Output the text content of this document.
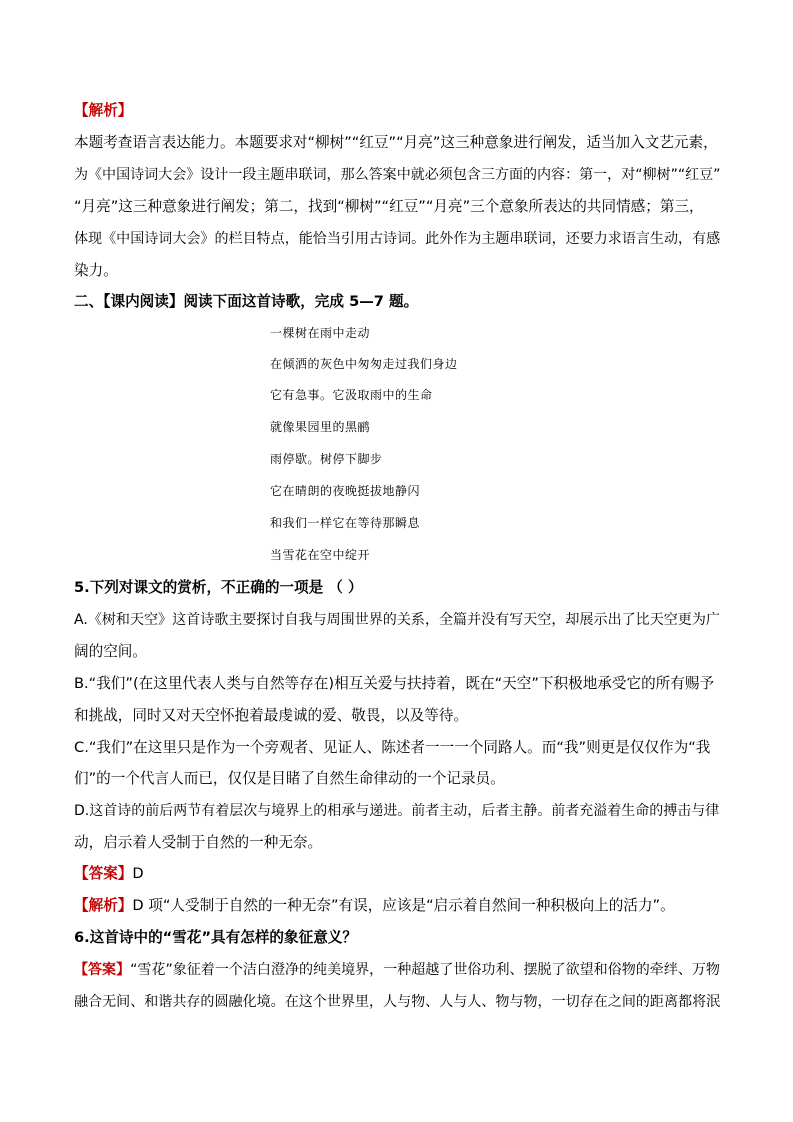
【解析】
本题考查语言表达能力。本题要求对“柳树”“红豆”“月亮”这三种意象进行阐发，适当加入文艺元素，
为《中国诗词大会》设计一段主题串联词，那么答案中就必须包含三方面的内容：第一，对“柳树”“红豆”
“月亮”这三种意象进行阐发；第二，找到“柳树”“红豆”“月亮”三个意象所表达的共同情感；第三，
体现《中国诗词大会》的栏目特点，能恰当引用古诗词。此外作为主题串联词，还要力求语言生动，有感
染力。
二、【课内阅读】阅读下面这首诗歌，完成 5—7 题。
一棵树在雨中走动
在倾洒的灰色中匆匆走过我们身边
它有急事。它汲取雨中的生命
就像果园里的黑鹂
雨停歇。树停下脚步
它在晴朗的夜晚挺拔地静闪
和我们一样它在等待那瞬息
当雪花在空中绽开
5.下列对课文的赏析，不正确的一项是 （ ）
A.《树和天空》这首诗歌主要探讨自我与周围世界的关系，全篇并没有写天空，却展示出了比天空更为广
阔的空间。
B.“我们”(在这里代表人类与自然等存在)相互关爱与扶持着，既在“天空”下积极地承受它的所有赐予
和挑战，同时又对天空怀抱着最虔诚的爱、敬畏，以及等待。
C.“我们”在这里只是作为一个旁观者、见证人、陈述者一一一个同路人。而“我”则更是仅仅作为“我
们”的一个代言人而已，仅仅是目睹了自然生命律动的一个记录员。
D.这首诗的前后两节有着层次与境界上的相承与递进。前者主动，后者主静。前者充溢着生命的搏击与律
动，启示着人受制于自然的一种无奈。
【答案】D
【解析】D 项“人受制于自然的一种无奈”有误，应该是“启示着自然间一种积极向上的活力”。
6.这首诗中的“雪花”具有怎样的象征意义？
【答案】“雪花”象征着一个洁白澄净的纯美境界，一种超越了世俗功利、摆脱了欲望和俗物的牵绊、万物
融合无间、和谐共存的圆融化境。在这个世界里，人与物、人与人、物与物，一切存在之间的距离都将泯
